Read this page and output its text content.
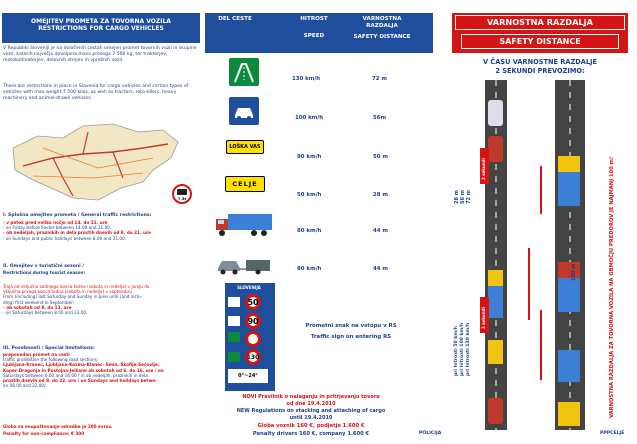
OMEJITEV PROMETA ZA TOVORNA VOZILA
RESTRICTIONS FOR CARGO VEHICLES
V Republiki Sloveniji je na določenih cestah omejen promet tovornih vozil in skupine vozil, katerih največja dovoljena masa presega 7.500 kg, ter traktorjev, motokultivatorjev, delovnih strojev in vprežnih vozil.
There are restrictions in place in Slovenia for cargo vehicles and certain types of vehicles with max weight 7.500 kilos, as well as tractors, roto-tillers, heavy machinery and animal-drawn vehicles.
7,5t
I. Splošna omejitev prometa / General traffic restrictions:
- v petek pred veliko nočjo od 14. do 21. ure
- on Friday before Easter between 14.00 and 21.00,
- ob nedeljah, praznikih in dela prostih dnevih od 8. do 21. ure
- on Sundays and public holidays between 8.00 and 21.00.
II. Omejitev v turistični sezoni /
Restrictions during tourist season:
Trajá od vključno zadnjega konca tedna (sobota in nedelja) v juniju do
vključno prvega konca tedna (sobota in nedelja) v septembru
From (including) last Saturday and Sunday in June until (and inclu-
ding) first weekend in September:
- ob sobotah od 8. do 13. ure
- on Saturdays between 8.00 and 13.00.
III. Posebnosti / Special limitations:
prepovedan promet na cesti
traffic prohibition the following road sections:
Ljubljana-Kranec, Ljubljana-Kozina-Klanec- Smin, Škofije-Sečovlje,
Koper-Dragonja in Postojna-Jelšane ob sobotah od 6. do 16. ure / on
Saturdays between 6.00 and 16.00 / in ob nedeljah, praznikih in dela
prostih dnevih od 8. do 22. ure / on Sundays and holidays betwe-
en 08.00 and 22.00/.
Globa za neupoštevanje odredbe je 300 evrov.
Penalty for non-compliance: € 300
DEL CESTE	HITROST
SPEED
VARNOSTNA RAZDALJA
SAFETY DISTANCE
130 km/h	72 m
100 km/h	56m
LOŠKA VAS
90 km/h	50 m
CELJE
50 km/h	28 m
80 km/h	44 m
80 km/h	44 m
SLOVENIJA
50
90
130
0°~24°
Prometni znak na vstopu v RS
Traffic sign on entering RS
NOVI Pravilnik o nalaganju in pritrjevanju tovora
od dne 19.4.2010
NEW Regulations on stacking and attaching of cargo
until 19.4.2010
Globa voznik 160 €, podjetje 1.600 €
Penalty drivers 160 €, company 1.600 €	POLICIJA
VARNOSTNA RAZDALJA
SAFETY DISTANCE
V ČASU VARNOSTNE RAZDALJE
2 SEKUNDI PREVOZIMO:
2 sekundi
2 sekundi
100 m
28 m 56 m 72 m
pri hitrosti 50 km/h pri hitrosti 100 km/h pri hitrosti 130 km/h	VARNOSTNA RAZDALJA ZA TOVORNA VOZILA NA OBMOČJU PREDOROV JE NAJMANJ 100 m!
PPPCELJE
